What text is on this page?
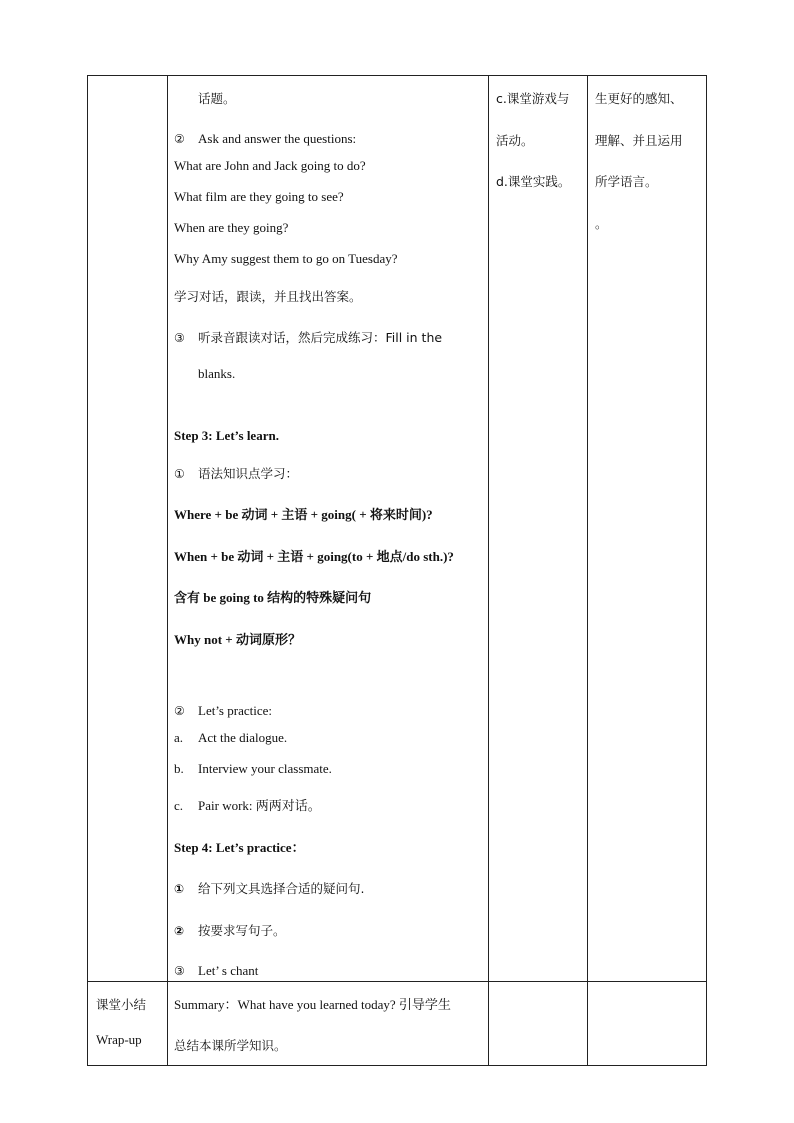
话题。
② Ask and answer the questions:
What are John and Jack going to do?
What film are they going to see?
When are they going?
Why Amy suggest them to go on Tuesday?
学习对话，跟读，并且找出答案。
③ 听录音跟读对话，然后完成练习：Fill in the
blanks.
Step 3: Let’s learn.
① 语法知识点学习：
Where + be 动词 + 主语 + going( + 将来时间)?
When + be 动词 + 主语 + going(to + 地点/do sth.)?
含有 be going to 结构的特殊疑问句
Why not + 动词原形？
② Let’s practice:
a. Act the dialogue.
b. Interview your classmate.
c. Pair work: 两两对话。
Step 4: Let’s practice：
① 给下列文具选择合适的疑问句.
② 按要求写句子。
③ Let’ s chant
c.课堂游戏与
活动。
d.课堂实践。
生更好的感知、
理解、并且运用
所学语言。
。
课堂小结
Wrap-up
Summary：What have you learned today? 引导学生
总结本课所学知识。
